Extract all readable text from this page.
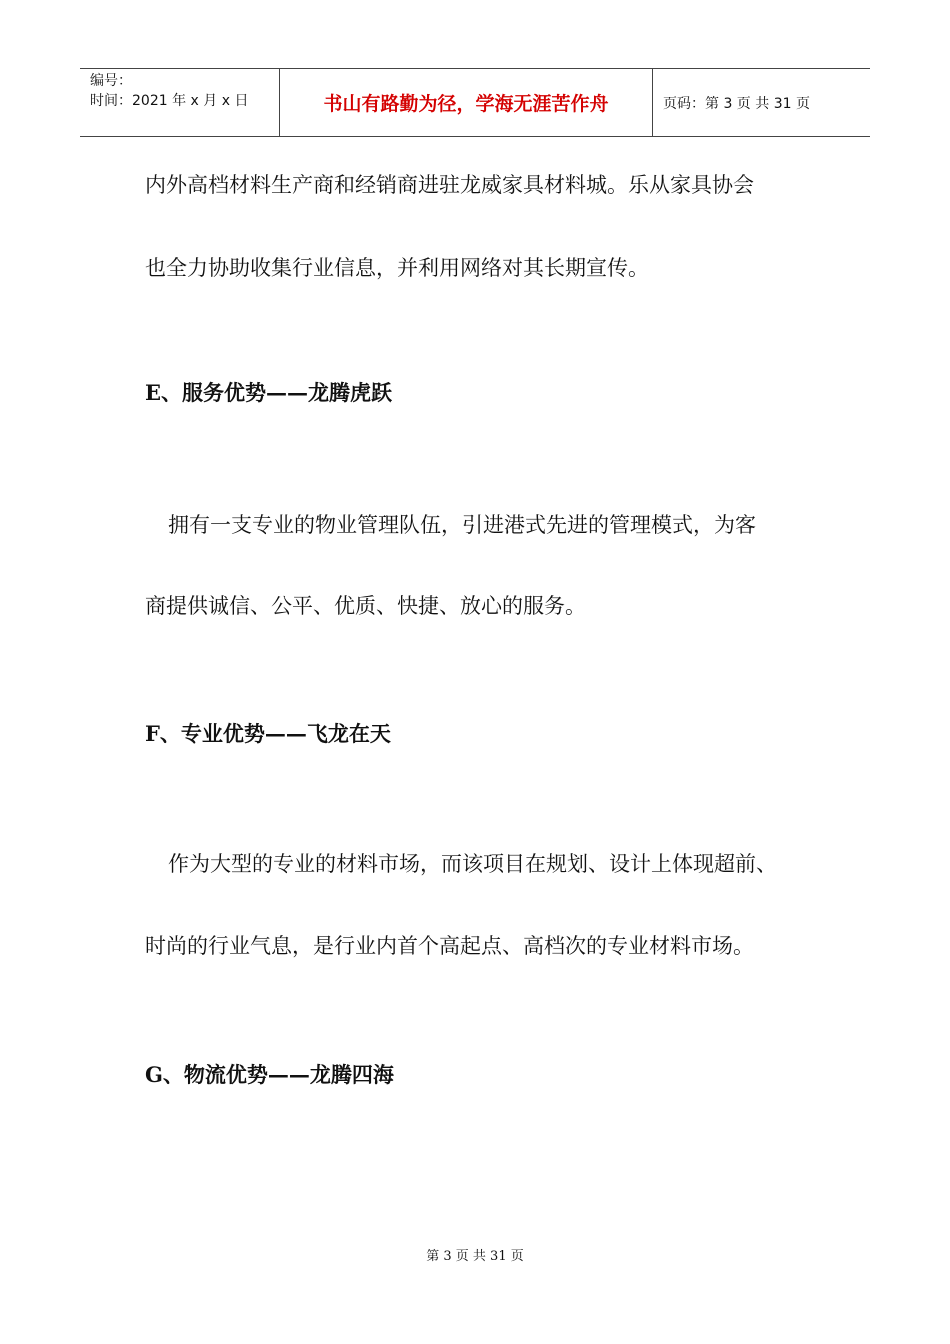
编号：
时间：2021 年 x 月 x 日	书山有路勤为径，学海无涯苦作舟	页码：第 3 页 共 31 页
内外高档材料生产商和经销商进驻龙威家具材料城。乐从家具协会
也全力协助收集行业信息，并利用网络对其长期宣传。
E、服务优势——龙腾虎跃
拥有一支专业的物业管理队伍，引进港式先进的管理模式，为客
商提供诚信、公平、优质、快捷、放心的服务。
F、专业优势——飞龙在天
作为大型的专业的材料市场，而该项目在规划、设计上体现超前、
时尚的行业气息，是行业内首个高起点、高档次的专业材料市场。
G、物流优势——龙腾四海
第 3 页 共 31 页
